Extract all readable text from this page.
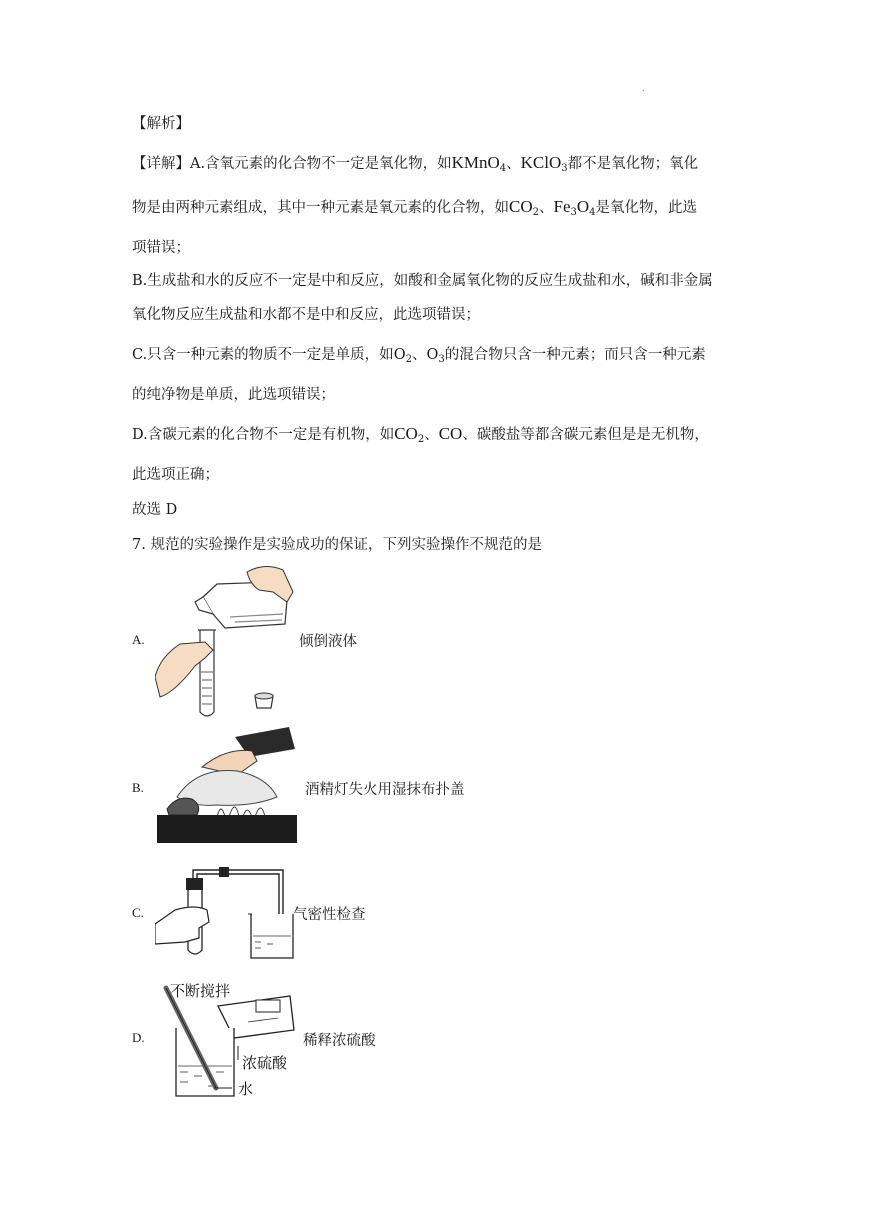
.
【解析】
【详解】A.含氧元素的化合物不一定是氧化物，如KMnO$_4$、KClO$_3$都不是氧化物；氧化
物是由两种元素组成，其中一种元素是氧元素的化合物，如$CO_2$、$Fe_3O_4$是氧化物，此选
项错误；
B.生成盐和水的反应不一定是中和反应，如酸和金属氧化物的反应生成盐和水，碱和非金属
氧化物反应生成盐和水都不是中和反应，此选项错误；
C.只含一种元素的物质不一定是单质，如$O_2$、$O_3$的混合物只含一种元素；而只含一种元素
的纯净物是单质，此选项错误；
D.含碳元素的化合物不一定是有机物，如$CO_2$、CO、碳酸盐等都含碳元素但是是无机物，
此选项正确；
故选 D
7. 规范的实验操作是实验成功的保证，下列实验操作不规范的是
A.	倾倒液体
B.	酒精灯失火用湿抹布扑盖
C.	气密性检查
D.
不断搅拌
浓硫酸
水
稀释浓硫酸
